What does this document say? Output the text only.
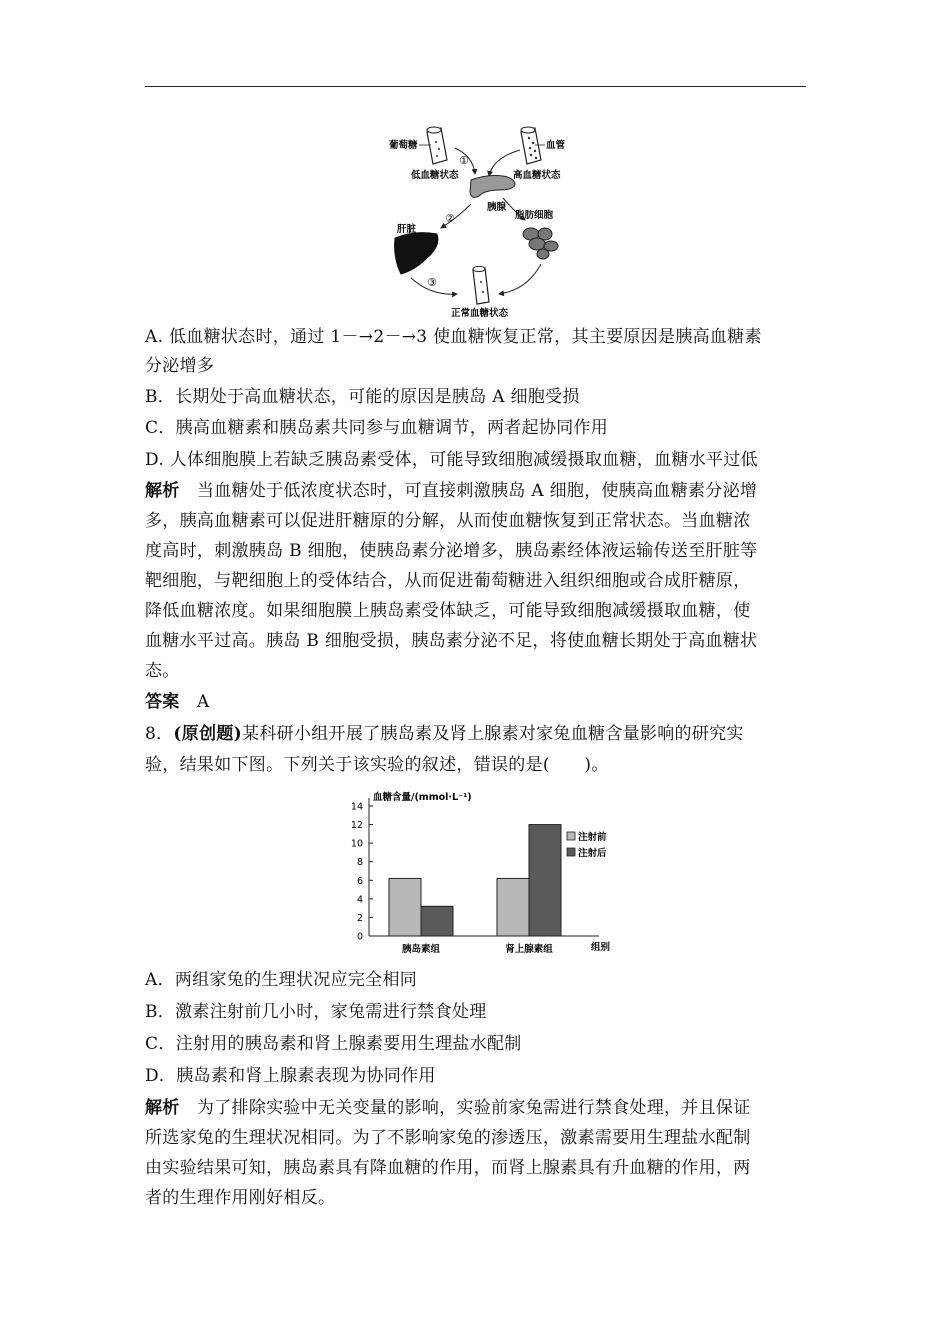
葡萄糖	血管
①
低血糖状态	高血糖状态
胰腺
②
肝脏
脂肪细胞
③
正常血糖状态
A. 低血糖状态时，通过 1－→2－→3 使血糖恢复正常，其主要原因是胰高血糖素
分泌增多
B．长期处于高血糖状态，可能的原因是胰岛 A 细胞受损
C．胰高血糖素和胰岛素共同参与血糖调节，两者起协同作用
D. 人体细胞膜上若缺乏胰岛素受体，可能导致细胞减缓摄取血糖，血糖水平过低
解析　 当血糖处于低浓度状态时，可直接刺激胰岛 A 细胞，使胰高血糖素分泌增
多，胰高血糖素可以促进肝糖原的分解，从而使血糖恢复到正常状态。当血糖浓
度高时，刺激胰岛 B 细胞，使胰岛素分泌增多，胰岛素经体液运输传送至肝脏等
靶细胞，与靶细胞上的受体结合，从而促进葡萄糖进入组织细胞或合成肝糖原，
降低血糖浓度。如果细胞膜上胰岛素受体缺乏，可能导致细胞减缓摄取血糖，使
血糖水平过高。胰岛 B 细胞受损，胰岛素分泌不足，将使血糖长期处于高血糖状
态。
答案　 A
8．(原创题)某科研小组开展了胰岛素及肾上腺素对家兔血糖含量影响的研究实
验，结果如下图。下列关于该实验的叙述，错误的是(　　)。
0
2
4
6
8
10
12
14
血糖含量/(mmol·L⁻¹)
胰岛素组	肾上腺素组	组别
注射前
注射后
A．两组家兔的生理状况应完全相同
B．激素注射前几小时，家兔需进行禁食处理
C．注射用的胰岛素和肾上腺素要用生理盐水配制
D．胰岛素和肾上腺素表现为协同作用
解析　 为了排除实验中无关变量的影响，实验前家兔需进行禁食处理，并且保证
所选家兔的生理状况相同。为了不影响家兔的渗透压，激素需要用生理盐水配制
由实验结果可知，胰岛素具有降血糖的作用，而肾上腺素具有升血糖的作用，两
者的生理作用刚好相反。
